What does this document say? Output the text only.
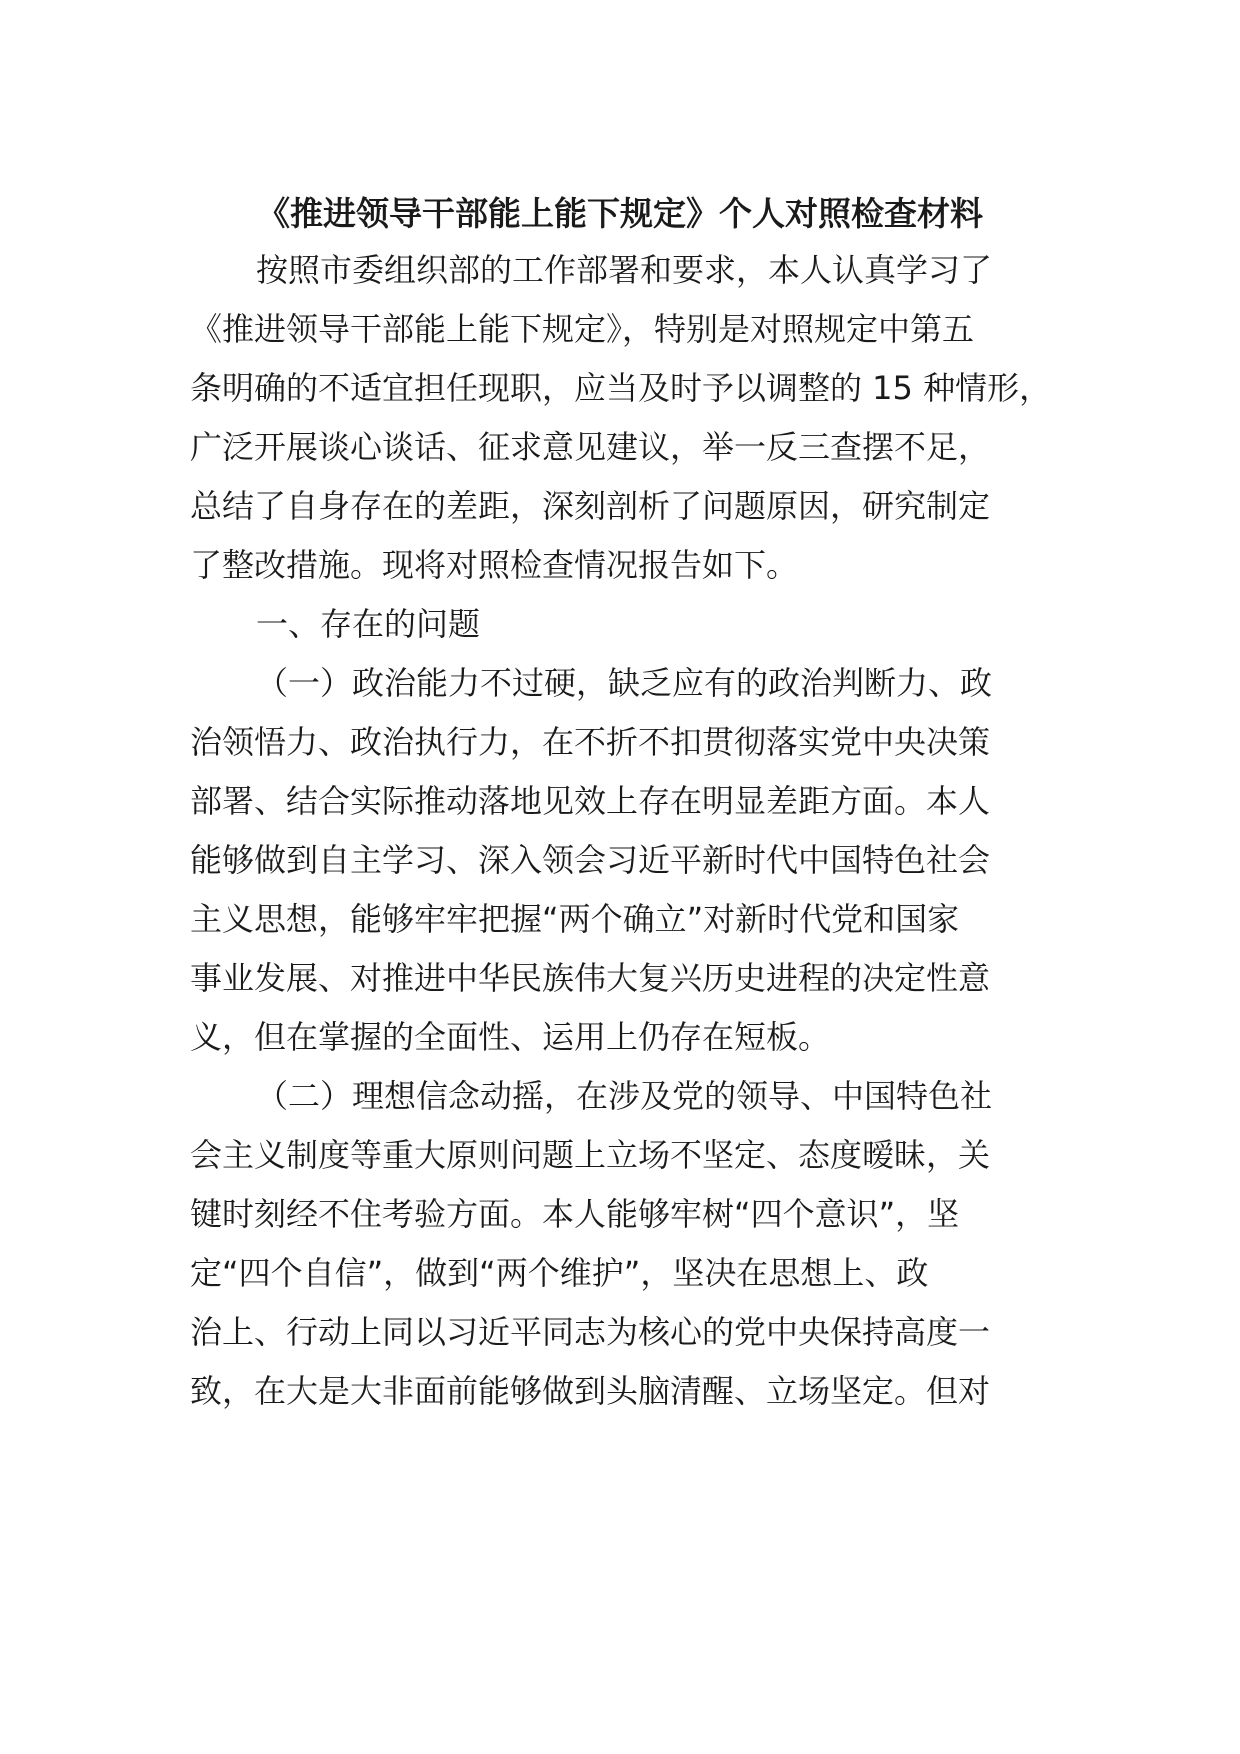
《推进领导干部能上能下规定》个人对照检查材料
按照市委组织部的工作部署和要求，本人认真学习了
《推进领导干部能上能下规定》，特别是对照规定中第五
条明确的不适宜担任现职，应当及时予以调整的 15 种情形，
广泛开展谈心谈话、征求意见建议，举一反三查摆不足，
总结了自身存在的差距，深刻剖析了问题原因，研究制定
了整改措施。现将对照检查情况报告如下。
一、存在的问题
（一）政治能力不过硬，缺乏应有的政治判断力、政
治领悟力、政治执行力，在不折不扣贯彻落实党中央决策
部署、结合实际推动落地见效上存在明显差距方面。本人
能够做到自主学习、深入领会习近平新时代中国特色社会
主义思想，能够牢牢把握“两个确立”对新时代党和国家
事业发展、对推进中华民族伟大复兴历史进程的决定性意
义，但在掌握的全面性、运用上仍存在短板。
（二）理想信念动摇，在涉及党的领导、中国特色社
会主义制度等重大原则问题上立场不坚定、态度暧昧，关
键时刻经不住考验方面。本人能够牢树“四个意识”，坚
定“四个自信”，做到“两个维护”，坚决在思想上、政
治上、行动上同以习近平同志为核心的党中央保持高度一
致，在大是大非面前能够做到头脑清醒、立场坚定。但对
